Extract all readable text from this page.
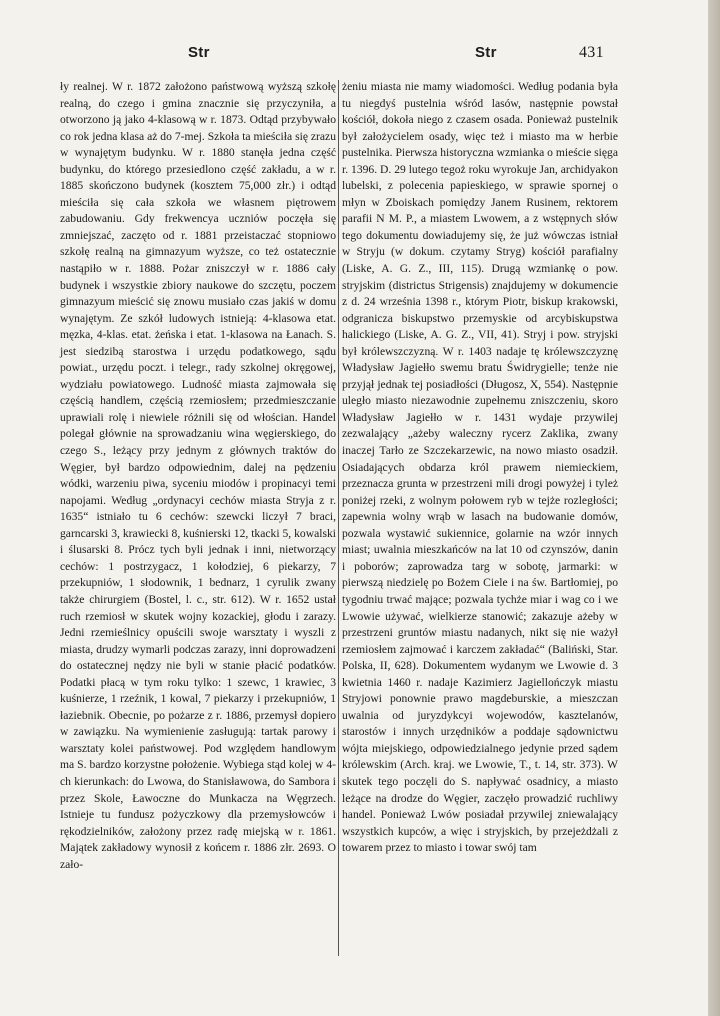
Str	Str	431
ły realnej. W r. 1872 założono państwową wyższą szkołę realną, do czego i gmina znacznie się przyczyniła, a otworzono ją jako 4-klasową w r. 1873. Odtąd przybywało co rok jedna klasa aż do 7-mej. Szkoła ta mieściła się zrazu w wynajętym budynku. W r. 1880 stanęła jedna część budynku, do którego przesiedlono część zakładu, a w r. 1885 skończono budynek (kosztem 75,000 złr.) i odtąd mieściła się cała szkoła we własnem piętrowem zabudowaniu. Gdy frekwencya uczniów poczęła się zmniejszać, zaczęto od r. 1881 przeistaczać stopniowo szkołę realną na gimnazyum wyższe, co też ostatecznie nastąpiło w r. 1888. Pożar zniszczył w r. 1886 cały budynek i wszystkie zbiory naukowe do szczętu, poczem gimnazyum mieścić się znowu musiało czas jakiś w domu wynajętym. Ze szkół ludowych istnieją: 4-klasowa etat. męzka, 4-klas. etat. żeńska i etat. 1-klasowa na Łanach. S. jest siedzibą starostwa i urzędu podatkowego, sądu powiat., urzędu poczt. i telegr., rady szkolnej okręgowej, wydziału powiatowego. Ludność miasta zajmowała się częścią handlem, częścią rzemiosłem; przedmieszczanie uprawiali rolę i niewiele różnili się od włościan. Handel polegał głównie na sprowadzaniu wina węgierskiego, do czego S., leżący przy jednym z głównych traktów do Węgier, był bardzo odpowiednim, dalej na pędzeniu wódki, warzeniu piwa, syceniu miodów i propinacyi temi napojami. Według „ordynacyi cechów miasta Stryja z r. 1635“ istniało tu 6 cechów: szewcki liczył 7 braci, garncarski 3, krawiecki 8, kuśnierski 12, tkacki 5, kowalski i ślusarski 8. Prócz tych byli jednak i inni, nietworzący cechów: 1 postrzygacz, 1 kołodziej, 6 piekarzy, 7 przekupniów, 1 słodownik, 1 bednarz, 1 cyrulik zwany także chirurgiem (Bostel, l. c., str. 612). W r. 1652 ustał ruch rzemiosł w skutek wojny kozackiej, głodu i zarazy. Jedni rzemieślnicy opuścili swoje warsztaty i wyszli z miasta, drudzy wymarli podczas zarazy, inni doprowadzeni do ostatecznej nędzy nie byli w stanie płacić podatków. Podatki płacą w tym roku tylko: 1 szewc, 1 krawiec, 3 kuśnierze, 1 rzeźnik, 1 kowal, 7 piekarzy i przekupniów, 1 łaziebnik. Obecnie, po pożarze z r. 1886, przemysł dopiero w zawiązku. Na wymienienie zasługują: tartak parowy i warsztaty kolei państwowej. Pod względem handlowym ma S. bardzo korzystne położenie. Wybiega stąd kolej w 4-ch kierunkach: do Lwowa, do Stanisławowa, do Sambora i przez Skole, Ławoczne do Munkacza na Węgrzech. Istnieje tu fundusz pożyczkowy dla przemysłowców i rękodzielników, założony przez radę miejską w r. 1861. Majątek zakładowy wynosił z końcem r. 1886 złr. 2693. O zało-
żeniu miasta nie mamy wiadomości. Według podania była tu niegdyś pustelnia wśród lasów, następnie powstał kościół, dokoła niego z czasem osada. Ponieważ pustelnik był założycielem osady, więc też i miasto ma w herbie pustelnika. Pierwsza historyczna wzmianka o mieście sięga r. 1396. D. 29 lutego tegoż roku wyrokuje Jan, archidyakon lubelski, z polecenia papieskiego, w sprawie spornej o młyn w Zboiskach pomiędzy Janem Rusinem, rektorem parafii N M. P., a miastem Lwowem, a z wstępnych słów tego dokumentu dowiadujemy się, że już wówczas istniał w Stryju (w dokum. czytamy Stryg) kościół parafialny (Liske, A. G. Z., III, 115). Drugą wzmiankę o pow. stryjskim (districtus Strigensis) znajdujemy w dokumencie z d. 24 września 1398 r., którym Piotr, biskup krakowski, odgranicza biskupstwo przemyskie od arcybiskupstwa halickiego (Liske, A. G. Z., VII, 41). Stryj i pow. stryjski był królewszczyzną. W r. 1403 nadaje tę królewszczyznę Władysław Jagiełło swemu bratu Świdrygielle; tenże nie przyjął jednak tej posiadłości (Długosz, X, 554). Następnie uległo miasto niezawodnie zupełnemu zniszczeniu, skoro Władysław Jagiełło w r. 1431 wydaje przywilej zezwalający „ażeby waleczny rycerz Zaklika, zwany inaczej Tarło ze Szczekarzewic, na nowo miasto osadził. Osiadających obdarza król prawem niemieckiem, przeznacza grunta w przestrzeni mili drogi powyżej i tyleż poniżej rzeki, z wolnym połowem ryb w tejże rozległości; zapewnia wolny wrąb w lasach na budowanie domów, pozwala wystawić sukiennice, golarnie na wzór innych miast; uwalnia mieszkańców na lat 10 od czynszów, danin i poborów; zaprowadza targ w sobotę, jarmarki: w pierwszą niedzielę po Bożem Ciele i na św. Bartłomiej, po tygodniu trwać mające; pozwala tychże miar i wag co i we Lwowie używać, wielkierze stanowić; zakazuje ażeby w przestrzeni gruntów miastu nadanych, nikt się nie ważył rzemiosłem zajmować i karczem zakładać“ (Baliński, Star. Polska, II, 628). Dokumentem wydanym we Lwowie d. 3 kwietnia 1460 r. nadaje Kazimierz Jagiellończyk miastu Stryjowi ponownie prawo magdeburskie, a mieszczan uwalnia od juryzdykcyi wojewodów, kasztelanów, starostów i innych urzędników a poddaje sądownictwu wójta miejskiego, odpowiedzialnego jedynie przed sądem królewskim (Arch. kraj. we Lwowie, T., t. 14, str. 373). W skutek tego poczęli do S. napływać osadnicy, a miasto leżące na drodze do Węgier, zaczęło prowadzić ruchliwy handel. Ponieważ Lwów posiadał przywilej zniewalający wszystkich kupców, a więc i stryjskich, by przejeżdżali z towarem przez to miasto i towar swój tam
